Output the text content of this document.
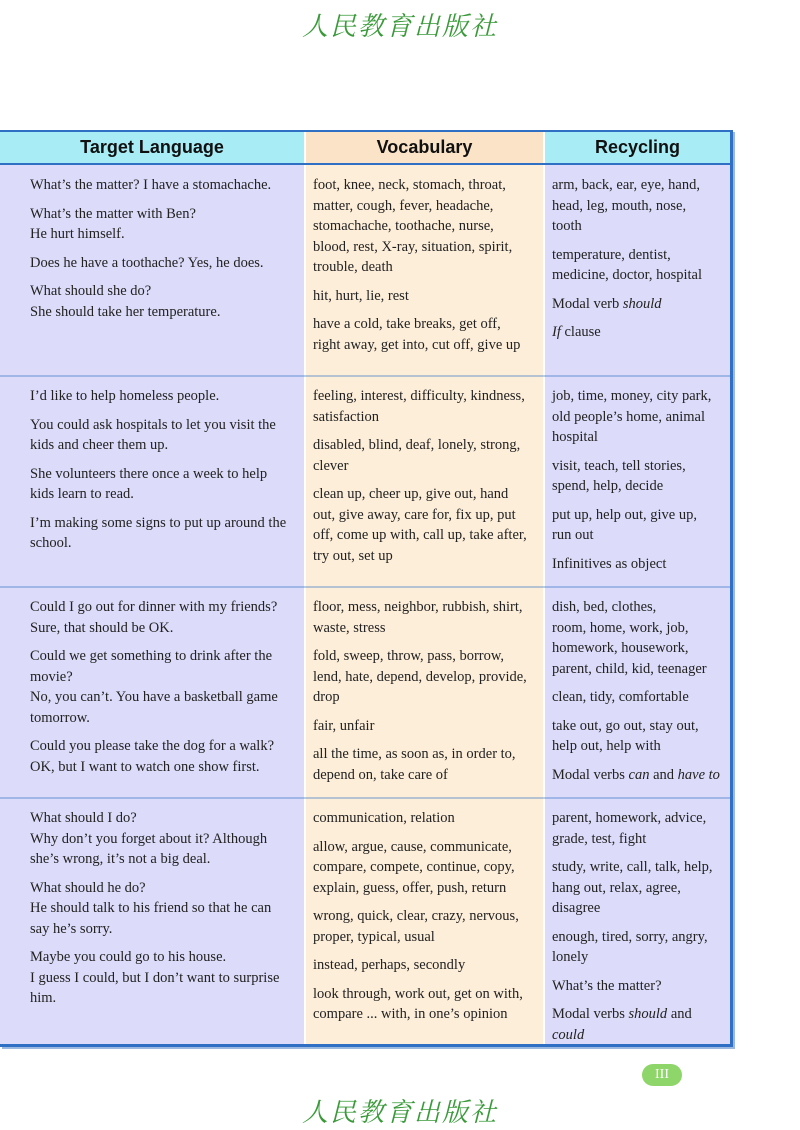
人民教育出版社
Target Language	Vocabulary	Recycling
What’s the matter? I have a stomachache.
What’s the matter with Ben?
He hurt himself.
Does he have a toothache? Yes, he does.
What should she do?
She should take her temperature.
foot, knee, neck, stomach, throat,
matter, cough, fever, headache,
stomachache, toothache, nurse,
blood, rest, X-ray, situation, spirit,
trouble, death
hit, hurt, lie, rest
have a cold, take breaks, get off,
right away, get into, cut off, give up
arm, back, ear, eye, hand,
head, leg, mouth, nose,
tooth
temperature, dentist,
medicine, doctor, hospital
Modal verb should
If clause
I’d like to help homeless people.
You could ask hospitals to let you visit the
kids and cheer them up.
She volunteers there once a week to help
kids learn to read.
I’m making some signs to put up around the
school.
feeling, interest, difficulty, kindness,
satisfaction
disabled, blind, deaf, lonely, strong,
clever
clean up, cheer up, give out, hand
out, give away, care for, fix up, put
off, come up with, call up, take after,
try out, set up
job, time, money, city park,
old people’s home, animal
hospital
visit, teach, tell stories,
spend, help, decide
put up, help out, give up,
run out
Infinitives as object
Could I go out for dinner with my friends?
Sure, that should be OK.
Could we get something to drink after the
movie?
No, you can’t. You have a basketball game
tomorrow.
Could you please take the dog for a walk?
OK, but I want to watch one show first.
floor, mess, neighbor, rubbish, shirt,
waste, stress
fold, sweep, throw, pass, borrow,
lend, hate, depend, develop, provide,
drop
fair, unfair
all the time, as soon as, in order to,
depend on, take care of
dish, bed, clothes,
room, home, work, job,
homework, housework,
parent, child, kid, teenager
clean, tidy, comfortable
take out, go out, stay out,
help out, help with
Modal verbs can and have to
What should I do?
Why don’t you forget about it? Although
she’s wrong, it’s not a big deal.
What should he do?
He should talk to his friend so that he can
say he’s sorry.
Maybe you could go to his house.
I guess I could, but I don’t want to surprise
him.
communication, relation
allow, argue, cause, communicate,
compare, compete, continue, copy,
explain, guess, offer, push, return
wrong, quick, clear, crazy, nervous,
proper, typical, usual
instead, perhaps, secondly
look through, work out, get on with,
compare ... with, in one’s opinion
parent, homework, advice,
grade, test, fight
study, write, call, talk, help,
hang out, relax, agree,
disagree
enough, tired, sorry, angry,
lonely
What’s the matter?
Modal verbs should and could
III
人民教育出版社
